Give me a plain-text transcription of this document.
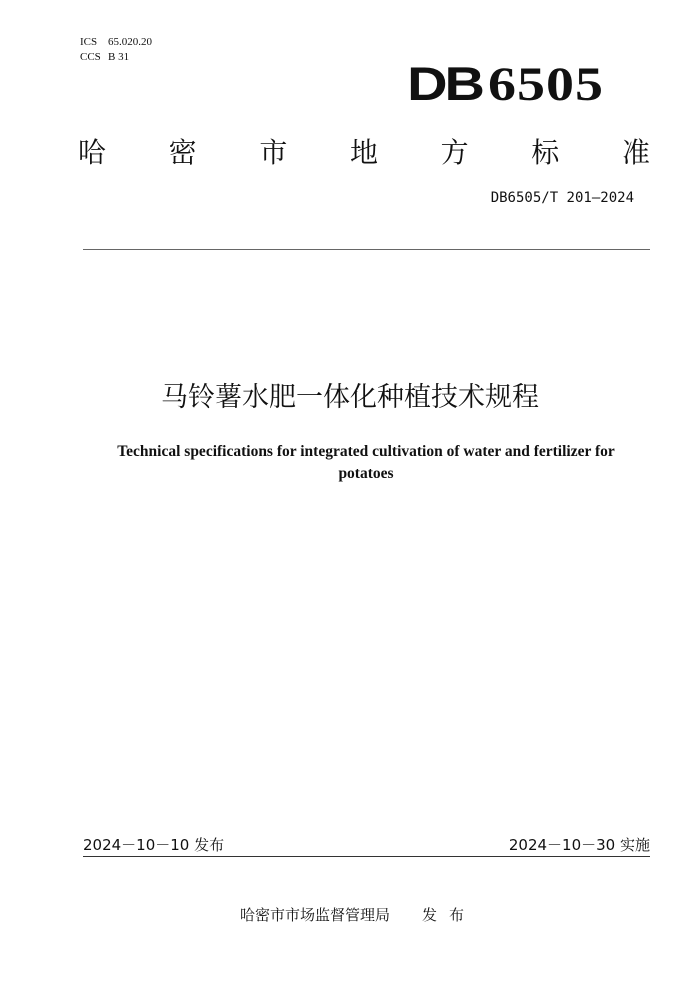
ICS 65.020.20
CCS B 31	DB 6505
哈 密 市 地 方 标 准
DB6505/T 201—2024
马铃薯水肥一体化种植技术规程
Technical specifications for integrated cultivation of water and fertilizer for
potatoes
2024－10－10 发布	2024－10－30 实施
哈密市市场监督管理局 发布
